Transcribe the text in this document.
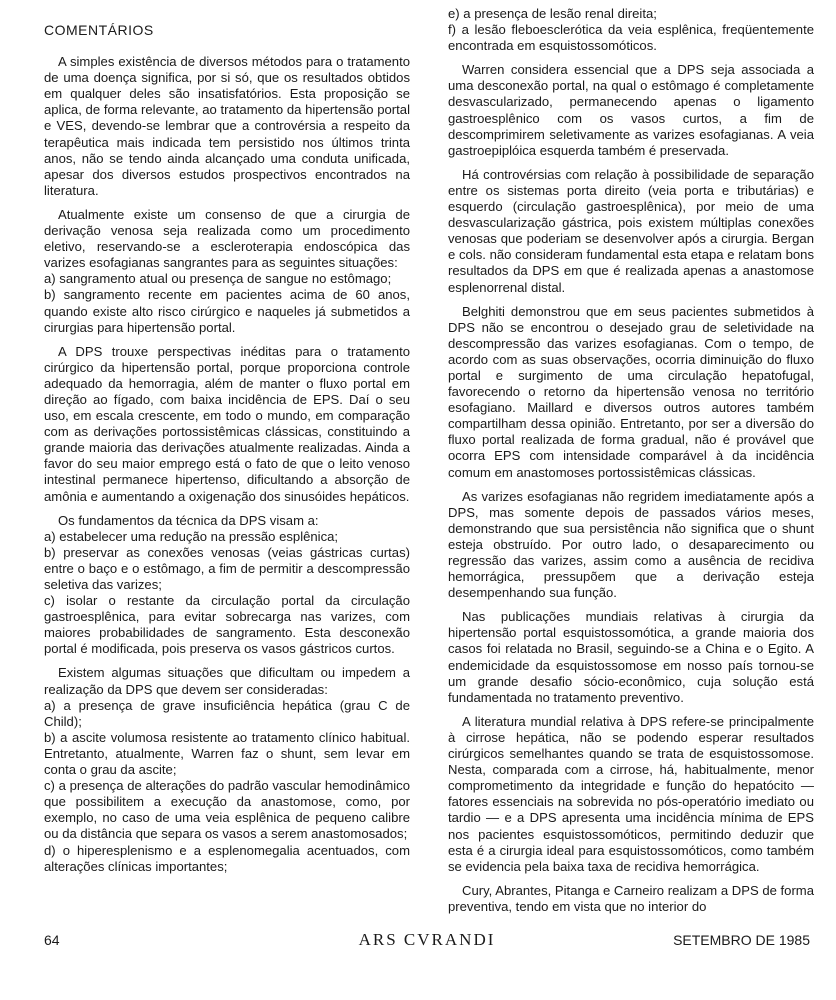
COMENTÁRIOS

A simples existência de diversos métodos para o tratamento de uma doença significa, por si só, que os resultados obtidos em qualquer deles são insatisfatórios. Esta proposição se aplica, de forma relevante, ao tratamento da hipertensão portal e VES, devendo-se lembrar que a controvérsia a respeito da terapêutica mais indicada tem persistido nos últimos trinta anos, não se tendo ainda alcançado uma conduta unificada, apesar dos diversos estudos prospectivos encontrados na literatura.

Atualmente existe um consenso de que a cirurgia de derivação venosa seja realizada como um procedimento eletivo, reservando-se a escleroterapia endoscópica das varizes esofagianas sangrantes para as seguintes situações:

a) sangramento atual ou presença de sangue no estômago;

b) sangramento recente em pacientes acima de 60 anos, quando existe alto risco cirúrgico e naqueles já submetidos a cirurgias para hipertensão portal.

A DPS trouxe perspectivas inéditas para o tratamento cirúrgico da hipertensão portal, porque proporciona controle adequado da hemorragia, além de manter o fluxo portal em direção ao fígado, com baixa incidência de EPS. Daí o seu uso, em escala crescente, em todo o mundo, em comparação com as derivações portossistêmicas clássicas, constituindo a grande maioria das derivações atualmente realizadas. Ainda a favor do seu maior emprego está o fato de que o leito venoso intestinal permanece hipertenso, dificultando a absorção de amônia e aumentando a oxigenação dos sinusóides hepáticos.

Os fundamentos da técnica da DPS visam a:

a) estabelecer uma redução na pressão esplênica;

b) preservar as conexões venosas (veias gástricas curtas) entre o baço e o estômago, a fim de permitir a descompressão seletiva das varizes;

c) isolar o restante da circulação portal da circulação gastroesplênica, para evitar sobrecarga nas varizes, com maiores probabilidades de sangramento. Esta desconexão portal é modificada, pois preserva os vasos gástricos curtos.

Existem algumas situações que dificultam ou impedem a realização da DPS que devem ser consideradas:

a) a presença de grave insuficiência hepática (grau C de Child);

b) a ascite volumosa resistente ao tratamento clínico habitual. Entretanto, atualmente, Warren faz o shunt, sem levar em conta o grau da ascite;

c) a presença de alterações do padrão vascular hemodinâmico que possibilitem a execução da anastomose, como, por exemplo, no caso de uma veia esplênica de pequeno calibre ou da distância que separa os vasos a serem anastomosados;

d) o hiperesplenismo e a esplenomegalia acentuados, com alterações clínicas importantes;

e) a presença de lesão renal direita;

f) a lesão fleboesclerótica da veia esplênica, freqüentemente encontrada em esquistossomóticos.

Warren considera essencial que a DPS seja associada a uma desconexão portal, na qual o estômago é completamente desvascularizado, permanecendo apenas o ligamento gastroesplênico com os vasos curtos, a fim de descomprimirem seletivamente as varizes esofagianas. A veia gastroepiplóica esquerda também é preservada.

Há controvérsias com relação à possibilidade de separação entre os sistemas porta direito (veia porta e tributárias) e esquerdo (circulação gastroesplênica), por meio de uma desvascularização gástrica, pois existem múltiplas conexões venosas que poderiam se desenvolver após a cirurgia. Bergan e cols. não consideram fundamental esta etapa e relatam bons resultados da DPS em que é realizada apenas a anastomose esplenorrenal distal.

Belghiti demonstrou que em seus pacientes submetidos à DPS não se encontrou o desejado grau de seletividade na descompressão das varizes esofagianas. Com o tempo, de acordo com as suas observações, ocorria diminuição do fluxo portal e surgimento de uma circulação hepatofugal, favorecendo o retorno da hipertensão venosa no território esofagiano. Maillard e diversos outros autores também compartilham dessa opinião. Entretanto, por ser a diversão do fluxo portal realizada de forma gradual, não é provável que ocorra EPS com intensidade comparável à da incidência comum em anastomoses portossistêmicas clássicas.

As varizes esofagianas não regridem imediatamente após a DPS, mas somente depois de passados vários meses, demonstrando que sua persistência não significa que o shunt esteja obstruído. Por outro lado, o desaparecimento ou regressão das varizes, assim como a ausência de recidiva hemorrágica, pressupõem que a derivação esteja desempenhando sua função.

Nas publicações mundiais relativas à cirurgia da hipertensão portal esquistossomótica, a grande maioria dos casos foi relatada no Brasil, seguindo-se a China e o Egito. A endemicidade da esquistossomose em nosso país tornou-se um grande desafio sócio-econômico, cuja solução está fundamentada no tratamento preventivo.

A literatura mundial relativa à DPS refere-se principalmente à cirrose hepática, não se podendo esperar resultados cirúrgicos semelhantes quando se trata de esquistossomose. Nesta, comparada com a cirrose, há, habitualmente, menor comprometimento da integridade e função do hepatócito — fatores essenciais na sobrevida no pós-operatório imediato ou tardio — e a DPS apresenta uma incidência mínima de EPS nos pacientes esquistossomóticos, permitindo deduzir que esta é a cirurgia ideal para esquistossomóticos, como também se evidencia pela baixa taxa de recidiva hemorrágica.

Cury, Abrantes, Pitanga e Carneiro realizam a DPS de forma preventiva, tendo em vista que no interior do

64	ARS CVRANDI	SETEMBRO DE 1985
